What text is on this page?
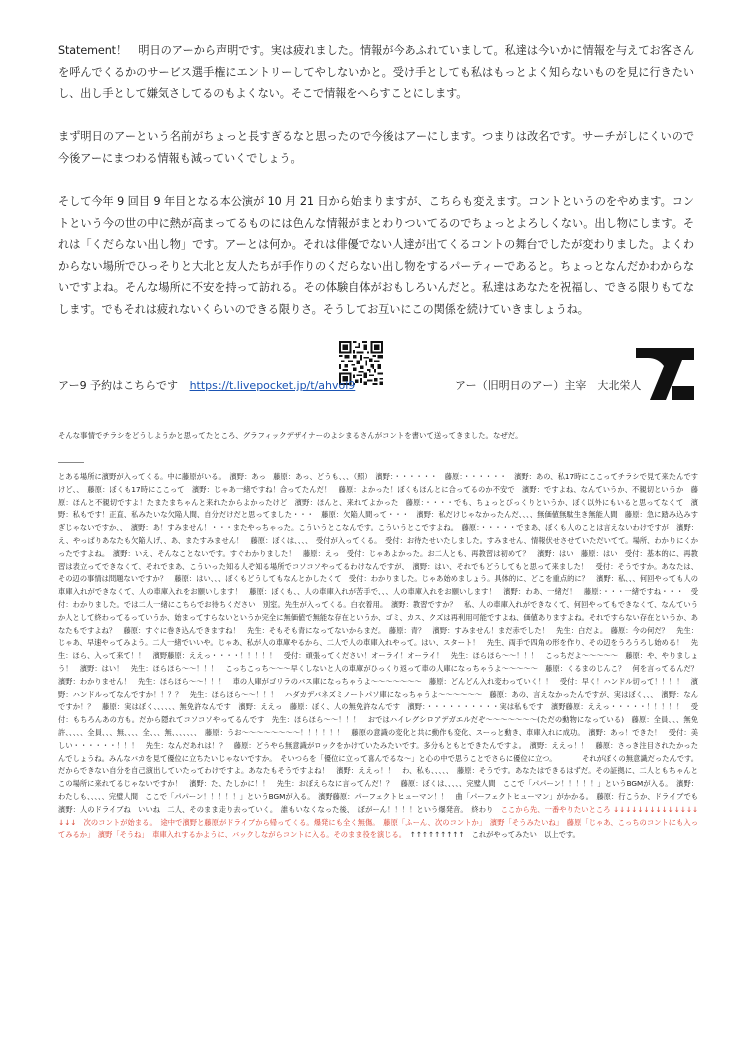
Statement！　明日のアーから声明です。実は疲れました。情報が今あふれていまして。私達は今いかに情報を与えてお客さんを呼んでくるかのサービス選手権にエントリーしてやしないかと。受け手としても私はもっとよく知らないものを見に行きたいし、出し手として嫌気さしてるのもよくない。そこで情報をへらすことにします。

まず明日のアーという名前がちょっと長すぎるなと思ったので今後はアーにします。つまりは改名です。サーチがしにくいので今後アーにまつわる情報も減っていくでしょう。

そして今年 9 回目 9 年目となる本公演が 10 月 21 日から始まりますが、こちらも変えます。コントというのをやめます。コントという今の世の中に熱が高まってるものには色んな情報がまとわりついてるのでちょっとよろしくない。出し物にします。それは「くだらない出し物」です。アーとは何か。それは俳優でない人達が出てくるコントの舞台でしたが変わりました。よくわからない場所でひっそりと大北と友人たちが手作りのくだらない出し物をするパーティーであると。ちょっとなんだかわからないですよね。そんな場所に不安を持って訪れる。その体験自体がおもしろいんだと。私達はあなたを祝福し、できる限りもてなします。でもそれは疲れないくらいのできる限りさ。そうしてお互いにこの関係を続けていきましょうね。

アー9 予約はこちらです https://t.livepocket.jp/t/ahvol9	アー（旧明日のアー）主宰　大北栄人
そんな事情でチラシをどうしようかと思ってたところ、グラフィックデザイナーのよシまるさんがコントを書いて送ってきました。なぜだ。

とある場所に濱野が入ってくる。中に藤原がいる。　濱野：あっ　藤原：あっ、どうも、、、（照）　濱野：・・・・・・　藤原：・・・・・・　濱野：あの、私17時にここってチラシで見て来たんですけど、、　藤原：ぼくも17時にここって　濱野：じゃあ一緒ですね！合ってたんだ！　藤原：よかった！ぼくもほんとに合ってるのか不安で　濱野：ですよね、なんていうか、不親切というか　藤原：ほんと不親切ですよ！たまたまちゃんと来れたからよかったけど　濱野：ほんと、来れてよかった　藤原：・・・・でも、ちょっとびっくりというか、ぼく以外にもいると思ってなくて　濱野：私もです！正直、私みたいな欠陥人間、自分だけだと思ってました・・・　藤原：欠陥人間って・・・　濱野：私だけじゃなかったんだ、、、、無価値無駄生き無能人間　藤原：急に踏み込みすぎじゃないですか、、　濱野：あ！すみません！・・・またやっちゃった。こういうとこなんです。こういうとこですよね。　藤原：・・・・・でまあ、ぼくも人のことは言えないわけですが　濱野：え、やっぱりあなたも欠陥人げ、、あ、またすみません！　藤原：ぼくは、、、、　受付が入ってくる。　受付：お待たせいたしました。すみません、情報伏せさせていただいてて。場所、わかりにくかったですよね。　濱野：いえ、そんなことないです。すぐわかりました！　藤原：えっ　受付：じゃあよかった。お二人とも、再教習は初めて？　濱野：はい　藤原：はい　受付：基本的に、再教習は表立ってできなくて、それでまあ、こういった知る人ぞ知る場所でコソコソやってるわけなんですが、　濱野：はい、それでもどうしてもと思って来ました！　受付：そうですか。あなたは、その辺の事情は問題ないですか？　藤原：はい、、、ぼくもどうしてもなんとかしたくて　受付：わかりました。じゃあ始めましょう。具体的に、どこを重点的に？　濱野：私、、、何回やっても人の車庫入れができなくて、人の車庫入れをお願いします！　藤原：ぼくも、、人の車庫入れが苦手で、、、人の車庫入れをお願いします！　濱野：わあ、一緒だ！　藤原：・・・一緒ですね・・・　受付：わかりました。では二人一緒にこちらでお待ちください　別室。先生が入ってくる。白衣着用。　濱野：教習ですか？　私、人の車庫入れができなくて、何回やってもできなくて、なんていうか人として終わってるっていうか、始まってすらないというか完全に無価値で無能な存在というか、ゴミ、カス、クズは再利用可能ですよね、価値ありますよね。それですらない存在というか、あなたもですよね？　藤原：すぐに巻き込んできますね！　先生：そもそも青になってないからまだ。　藤原：青？　濱野：すみません！まだ赤でした！　先生：白だよ。　藤原：今の何だ？　先生：じゃあ、早速やってみよう。二人一緒でいいや。じゃあ、私が人の車庫やるから、二人で人の車庫入れやって。はい、スタート！　先生、両手で四角の形を作り、その辺をうろうろし始める！　先生：ほら、入って来て！！　濱野藤原：ええっ・・・・！！！！！　受付：頑張ってください！オーライ！オーライ！　先生：ほらほら〜〜！！！　こっちだよ〜〜〜〜〜　藤原：や、やりましょう！　濱野：はい！　先生：ほらほら〜〜！！！　こっちこっち〜〜〜早くしないと人の車庫がひっくり返って車の人庫になっちゃうよ〜〜〜〜〜　藤原：くるまのじんこ？　何を言ってるんだ？　濱野：わかりません！　先生：ほらほら〜〜！！！　車の人庫がゴリラのバス庫になっちゃうよ〜〜〜〜〜〜〜　藤原：どんどん入れ変わっていく！！　受付：早く！ハンドル切って！！！！　濱野：ハンドルってなんですか！！？？　先生：ほらほら〜〜！！！　ハダカデバネズミノートパソ庫になっちゃうよ〜〜〜〜〜〜　藤原：あの、言えなかったんですが、実はぼく、、、　濱野：なんですか！？　藤原：実はぼく、、、、、、無免許なんです　濱野：ええっ　藤原：ぼく、人の無免許なんです　濱野：・・・・・・・・・・実は私もです　濱野藤原：ええっ・・・・・！！！！！　受付：もちろんあの方も。だから隠れてコソコソやってるんです　先生：ほらほら〜〜！！！　おではハイレグシロアデガエルだぞ〜〜〜〜〜〜〜(ただの動物になっている)　藤原：全員、、、無免許、、、、、全員、、、無、、、、全、、、無、、、、、、、　藤原：うお〜〜〜〜〜〜〜〜！！！！！！　藤原の意識の変化と共に動作も変化、スーっと動き、車庫入れに成功。　濱野：あっ！できた！　受付：美しい・・・・・・！！！　先生：なんだあれは！？　藤原：どうやら無意識がロックをかけていたみたいです。多分もともとできたんですよ。　濱野：ええっ！！　藤原：さっき注目されたかったんでしょうね。みんなバカを見て優位に立ちたいじゃないですか。　そいつらを「優位に立って喜んでるな〜」と心の中で思うことでさらに優位に立つ。　　　　それがぼくの無意識だったんです。だからできない自分を自己演出していたってわけですよ。あなたもそうですよね！　濱野：ええっ！！　わ、私も、、、、、　藤原：そうです。あなたはできるはずだ。その証拠に、二人ともちゃんとこの場所に来れてるじゃないですか！　濱野：た、たしかに！！　先生：おぼえらなに言ってんだ！？　藤原：ぼくは、、、、、完璧人間　ここで「パパーン！！！！！」というBGMが入る。　濱野：わたしも、、、、、完璧人間　ここで「パパーン！！！！！」というBGMが入る。　濱野藤原：パーフェクトヒューマン！！　曲「パーフェクトヒューマン」がかかる。　藤原：行こうか、ドライブでも 濱野：人のドライブね　いいね　二人、そのまま走り去っていく。　誰もいなくなった後、　ぼがーん！！！！という爆発音。　終わり　ここから先、一番やりたいところ ↓↓↓↓↓↓↓↓↓↓↓↓↓↓↓↓↓　次のコントが始まる。　途中で濱野と藤原がドライブから帰ってくる。爆発にも全く無傷。　藤原「ふーん、次のコントか」　濱野「そうみたいね」　藤原「じゃあ、こっちのコントにも入ってみるか」　濱野「そうね」　車庫入れするかように、バックしながらコントに入る。そのまま役を演じる。　↑↑↑↑↑↑↑↑↑　これがやってみたい　以上です。
